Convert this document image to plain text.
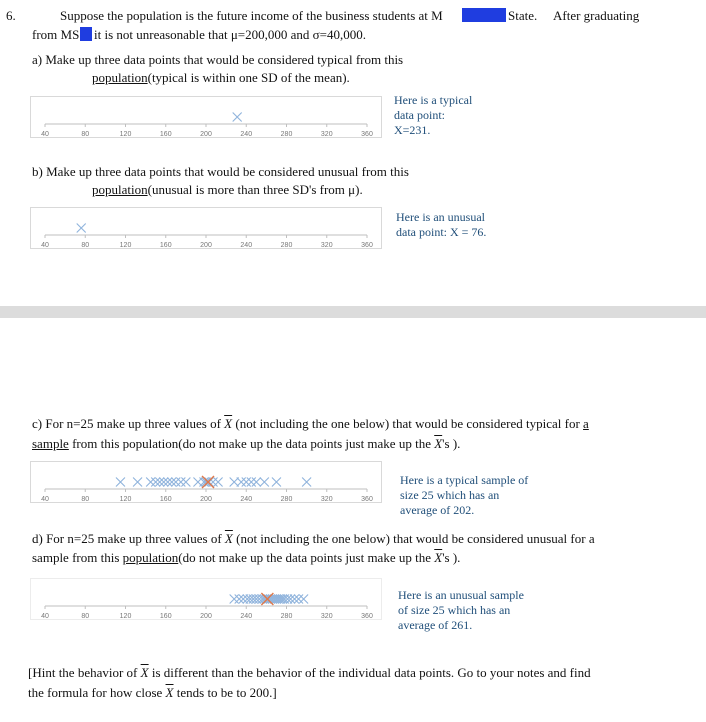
6.	Suppose the population is the future income of the business students at M	State. After graduating
from MS it is not unreasonable that μ=200,000 and σ=40,000.
a) Make up three data points that would be considered typical from this
population(typical is within one SD of the mean).
40	80	120	160	200	240	280	320	360
Here is a typical data point: X=231.
b) Make up three data points that would be considered unusual from this
population(unusual is more than three SD's from μ).
40	80	120	160	200	240	280	320	360
Here is an unusual data point: X = 76.
c) For n=25 make up three values of $\overline{X}$ (not including the one below) that would be considered typical for a
sample from this population(do not make up the data points just make up the $\overline{X}'s$ ).
40	80	120	160	200	240	280	320	360
Here is a typical sample of size 25 which has an average of 202.
d) For n=25 make up three values of $\overline{X}$ (not including the one below) that would be considered unusual for a
sample from this population(do not make up the data points just make up the $\overline{X}'s$ ).
40	80	120	160	200	240	280	320	360
Here is an unusual sample of size 25 which has an average of 261.
[Hint the behavior of $\overline{X}$ is different than the behavior of the individual data points. Go to your notes and find
the formula for how close $\overline{X}$ tends to be to 200.]
